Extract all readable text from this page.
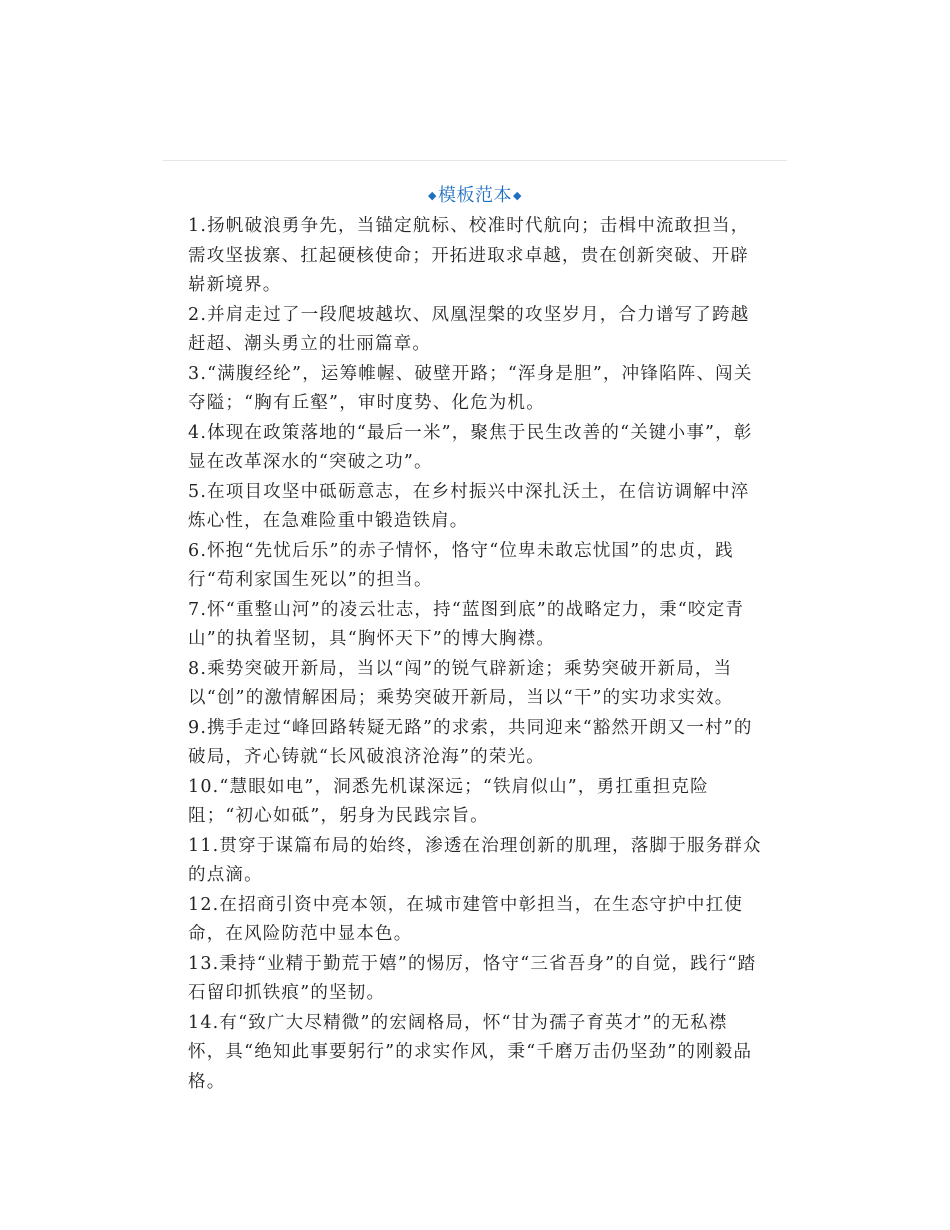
◆模板范本◆
1.扬帆破浪勇争先，当锚定航标、校准时代航向；击楫中流敢担当，需攻坚拔寨、扛起硬核使命；开拓进取求卓越，贵在创新突破、开辟崭新境界。
2.并肩走过了一段爬坡越坎、凤凰涅槃的攻坚岁月，合力谱写了跨越赶超、潮头勇立的壮丽篇章。
3.“满腹经纶”，运筹帷幄、破壁开路；“浑身是胆”，冲锋陷阵、闯关夺隘；“胸有丘壑”，审时度势、化危为机。
4.体现在政策落地的“最后一米”，聚焦于民生改善的“关键小事”，彰显在改革深水的“突破之功”。
5.在项目攻坚中砥砺意志，在乡村振兴中深扎沃土，在信访调解中淬炼心性，在急难险重中锻造铁肩。
6.怀抱“先忧后乐”的赤子情怀，恪守“位卑未敢忘忧国”的忠贞，践行“苟利家国生死以”的担当。
7.怀“重整山河”的凌云壮志，持“蓝图到底”的战略定力，秉“咬定青山”的执着坚韧，具“胸怀天下”的博大胸襟。
8.乘势突破开新局，当以“闯”的锐气辟新途；乘势突破开新局，当以“创”的激情解困局；乘势突破开新局，当以“干”的实功求实效。
9.携手走过“峰回路转疑无路”的求索，共同迎来“豁然开朗又一村”的破局，齐心铸就“长风破浪济沧海”的荣光。
10.“慧眼如电”，洞悉先机谋深远；“铁肩似山”，勇扛重担克险阻；“初心如砥”，躬身为民践宗旨。
11.贯穿于谋篇布局的始终，渗透在治理创新的肌理，落脚于服务群众的点滴。
12.在招商引资中亮本领，在城市建管中彰担当，在生态守护中扛使命，在风险防范中显本色。
13.秉持“业精于勤荒于嬉”的惕厉，恪守“三省吾身”的自觉，践行“踏石留印抓铁痕”的坚韧。
14.有“致广大尽精微”的宏阔格局，怀“甘为孺子育英才”的无私襟怀，具“绝知此事要躬行”的求实作风，秉“千磨万击仍坚劲”的刚毅品格。
